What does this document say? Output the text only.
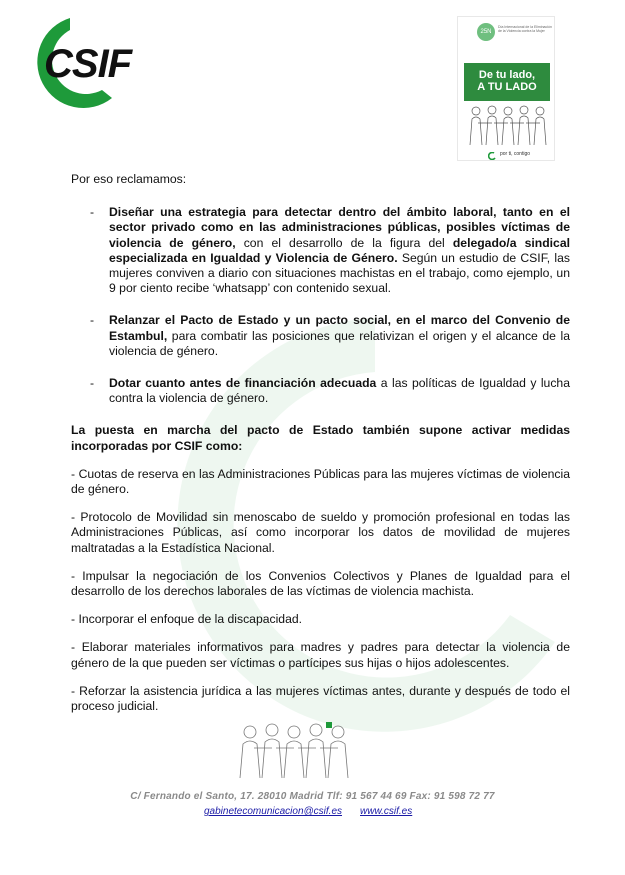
CSIF
25N
Día Internacional de la Eliminación de la Violencia contra la Mujer
De tu lado,
A TU LADO
por ti, contigo

Por eso reclamamos:

- Diseñar una estrategia para detectar dentro del ámbito laboral, tanto en el sector privado como en las administraciones públicas, posibles víctimas de violencia de género, con el desarrollo de la figura del delegado/a sindical especializada en Igualdad y Violencia de Género. Según un estudio de CSIF, las mujeres conviven a diario con situaciones machistas en el trabajo, como ejemplo, un 9 por ciento recibe ‘whatsapp’ con contenido sexual.
- Relanzar el Pacto de Estado y un pacto social, en el marco del Convenio de Estambul, para combatir las posiciones que relativizan el origen y el alcance de la violencia de género.
- Dotar cuanto antes de financiación adecuada a las políticas de Igualdad y lucha contra la violencia de género.

La puesta en marcha del pacto de Estado también supone activar medidas incorporadas por CSIF como:

- Cuotas de reserva en las Administraciones Públicas para las mujeres víctimas de violencia de género.

- Protocolo de Movilidad sin menoscabo de sueldo y promoción profesional en todas las Administraciones Públicas, así como incorporar los datos de movilidad de mujeres maltratadas a la Estadística Nacional.

- Impulsar la negociación de los Convenios Colectivos y Planes de Igualdad para el desarrollo de los derechos laborales de las víctimas de violencia machista.

- Incorporar el enfoque de la discapacidad.

- Elaborar materiales informativos para madres y padres para detectar la violencia de género de la que pueden ser víctimas o partícipes sus hijas o hijos adolescentes.

- Reforzar la asistencia jurídica a las mujeres víctimas antes, durante y después de todo el proceso judicial.

C/ Fernando el Santo, 17. 28010 Madrid Tlf: 91 567 44 69 Fax: 91 598 72 77
gabinetecomunicacion@csif.es www.csif.es
